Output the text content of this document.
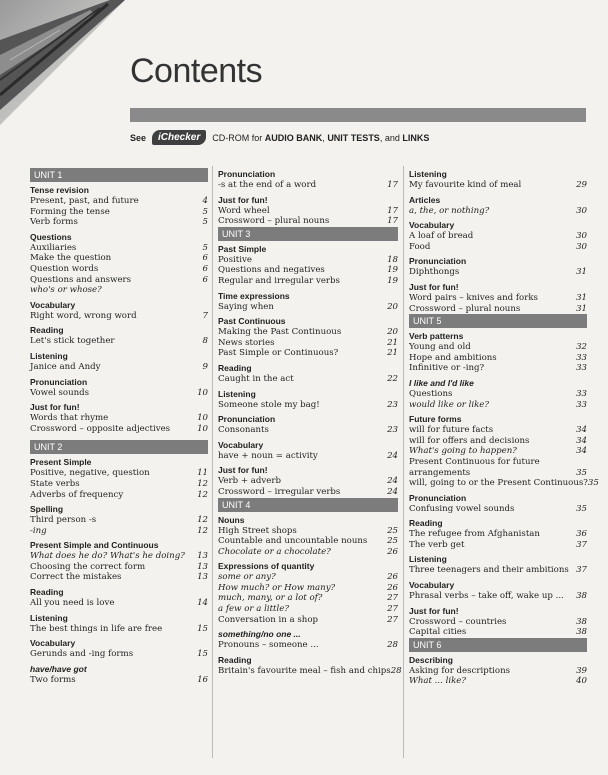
Contents
See	iChecker	CD-ROM for
AUDIO BANK ,
UNIT TESTS , and
LINKS
UNIT 1
Tense revision
Present, past, and future	4
Forming the tense	5
Verb forms	5
Questions
Auxiliaries	5
Make the question	6
Question words	6
Questions and answers	6
who's or whose?
Vocabulary
Right word, wrong word	7
Reading
Let's stick together	8
Listening
Janice and Andy	9
Pronunciation
Vowel sounds	10
Just for fun!
Words that rhyme	10
Crossword – opposite adjectives	10
UNIT 2
Present Simple
Positive, negative, question	11
State verbs	12
Adverbs of frequency	12
Spelling
Third person -s	12
-ing	12
Present Simple and Continuous
What does he do? What's he doing?	13
Choosing the correct form	13
Correct the mistakes	13
Reading
All you need is love	14
Listening
The best things in life are free	15
Vocabulary
Gerunds and -ing forms	15
have/have got
Two forms	16
Pronunciation
-s at the end of a word	17
Just for fun!
Word wheel	17
Crossword – plural nouns	17
UNIT 3
Past Simple
Positive	18
Questions and negatives	19
Regular and irregular verbs	19
Time expressions
Saying when	20
Past Continuous
Making the Past Continuous	20
News stories	21
Past Simple or Continuous?	21
Reading
Caught in the act	22
Listening
Someone stole my bag!	23
Pronunciation
Consonants	23
Vocabulary
have + noun = activity	24
Just for fun!
Verb + adverb	24
Crossword – irregular verbs	24
UNIT 4
Nouns
High Street shops	25
Countable and uncountable nouns	25
Chocolate or a chocolate?	26
Expressions of quantity
some or any?	26
How much? or How many?	26
much, many, or a lot of?	27
a few or a little?	27
Conversation in a shop	27
something/no one ...
Pronouns – someone ...	28
Reading
Britain's favourite meal – fish and chips 28
Listening
My favourite kind of meal	29
Articles
a, the, or nothing?	30
Vocabulary
A loaf of bread	30
Food	30
Pronunciation
Diphthongs	31
Just for fun!
Word pairs – knives and forks	31
Crossword – plural nouns	31
UNIT 5
Verb patterns
Young and old	32
Hope and ambitions	33
Infinitive or -ing?	33
I like and I'd like
Questions	33
would like or like?	33
Future forms
will for future facts	34
will for offers and decisions	34
What's going to happen?	34
Present Continuous for future
arrangements	35
will, going to or the Present Continuous? 35
Pronunciation
Confusing vowel sounds	35
Reading
The refugee from Afghanistan	36
The verb get	37
Listening
Three teenagers and their ambitions 37
Vocabulary
Phrasal verbs – take off, wake up ...	38
Just for fun!
Crossword – countries	38
Capital cities	38
UNIT 6
Describing
Asking for descriptions	39
What ... like?	40
